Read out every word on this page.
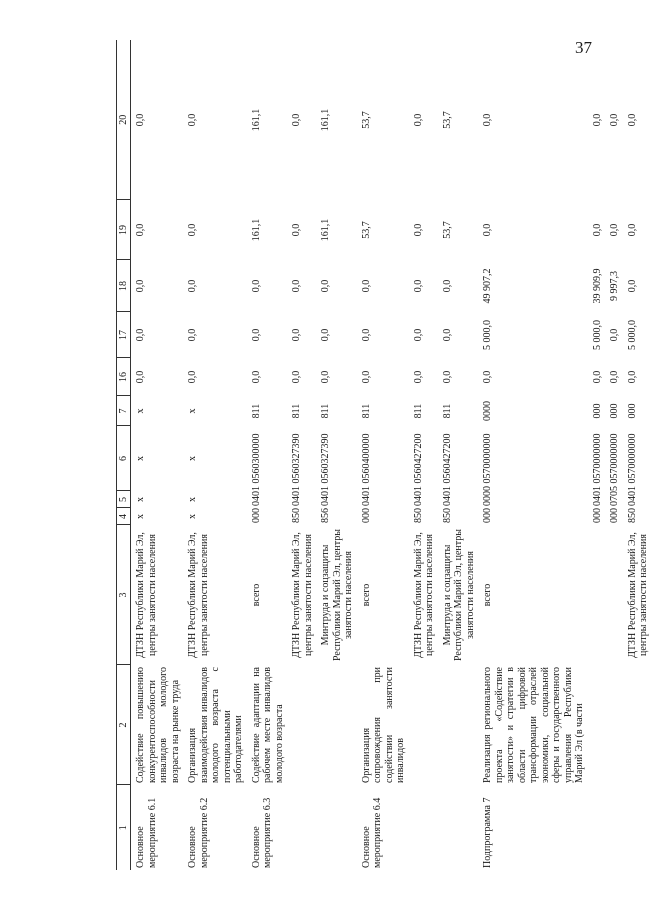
37
1	2	3	4	5	6	7	16	17	18	19	20
Основное мероприятие 6.1	Содействие повышению конкурентоспособности инвалидов молодого возраста на рынке труда	ДТЗН Республики Марий Эл, центры занятости населения	х	х	х	х	0,0	0,0	0,0	0,0	0,0
Основное мероприятие 6.2	Организация взаимодействия инвалидов молодого возраста с потенциальными работодателями	ДТЗН Республики Марий Эл, центры занятости населения	х	х	х	х	0,0	0,0	0,0	0,0	0,0
Основное мероприятие 6.3	Содействие адаптации на рабочем месте инвалидов молодого возраста	всего	000	0401	0560300000	811	0,0	0,0	0,0	161,1	161,1
		ДТЗН Республики Марий Эл, центры занятости населения	850	0401	0560327390	811	0,0	0,0	0,0	0,0	0,0
		Минтруда и соцзащиты Республики Марий Эл, центры занятости населения	856	0401	0560327390	811	0,0	0,0	0,0	161,1	161,1
Основное мероприятие 6.4	Организация сопровождения при содействии занятости инвалидов	всего	000	0401	0560400000	811	0,0	0,0	0,0	53,7	53,7
		ДТЗН Республики Марий Эл, центры занятости населения	850	0401	0560427200	811	0,0	0,0	0,0	0,0	0,0
		Минтруда и соцзащиты Республики Марий Эл, центры занятости населения	850	0401	0560427200	811	0,0	0,0	0,0	53,7	53,7
Подпрограмма 7	Реализация регионального проекта «Содействие занятости» и стратегии в области цифровой трансформации отраслей экономики, социальной сферы и государственного управления Республики Марий Эл (в части	всего	000	0000	0570000000	0000	0,0	5 000,0	49 907,2	0,0	0,0
			000	0401	0570000000	000	0,0	5 000,0	39 909,9	0,0	0,0
			000	0705	0570000000	000	0,0	0,0	9 997,3	0,0	0,0
		ДТЗН Республики Марий Эл, центры занятости населения	850	0401	0570000000	000	0,0	5 000,0	0,0	0,0	0,0
